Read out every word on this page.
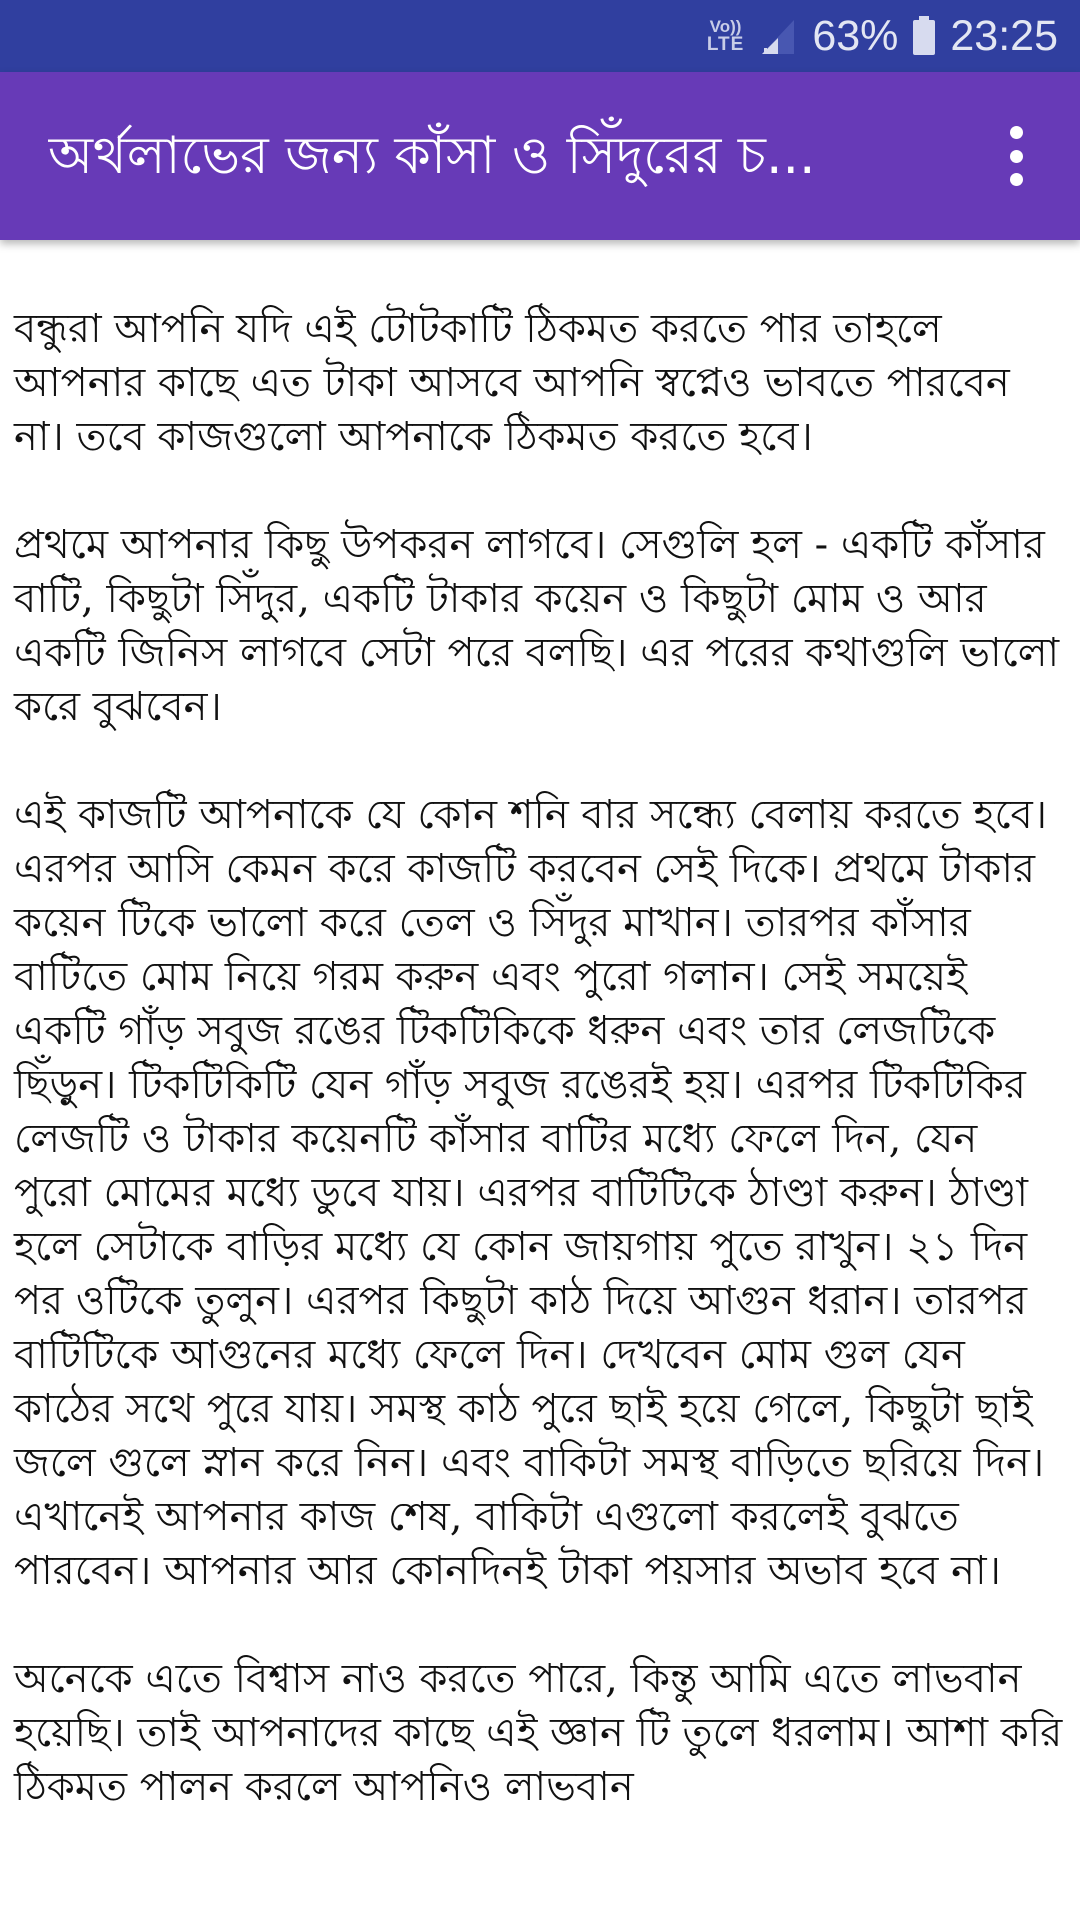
Vo))
LTE 63% 23:25
অর্থলাভের জন্য কাঁসা ও সিঁদুরের চ...

বন্ধুরা আপনি যদি এই টোটকাটি ঠিকমত করতে পার তাহলে আপনার কাছে এত টাকা আসবে আপনি স্বপ্নেও ভাবতে পারবেন না। তবে কাজগুলো আপনাকে ঠিকমত করতে হবে।

প্রথমে আপনার কিছু উপকরন লাগবে। সেগুলি হল - একটি কাঁসার বাটি, কিছুটা সিঁদুর, একটি টাকার কয়েন ও কিছুটা মোম ও আর একটি জিনিস লাগবে সেটা পরে বলছি। এর পরের কথাগুলি ভালো করে বুঝবেন।

এই কাজটি আপনাকে যে কোন শনি বার সন্ধ্যে বেলায় করতে হবে। এরপর আসি কেমন করে কাজটি করবেন সেই দিকে। প্রথমে টাকার কয়েন টিকে ভালো করে তেল ও সিঁদুর মাখান। তারপর কাঁসার বাটিতে মোম নিয়ে গরম করুন এবং পুরো গলান। সেই সময়েই একটি গাঁড় সবুজ রঙের টিকটিকিকে ধরুন এবং তার লেজটিকে ছিঁড়ুন। টিকটিকিটি যেন গাঁড় সবুজ রঙেরই হয়। এরপর টিকটিকির লেজটি ও টাকার কয়েনটি কাঁসার বাটির মধ্যে ফেলে দিন, যেন পুরো মোমের মধ্যে ডুবে যায়। এরপর বাটিটিকে ঠাণ্ডা করুন। ঠাণ্ডা হলে সেটাকে বাড়ির মধ্যে যে কোন জায়গায় পুতে রাখুন। ২১ দিন পর ওটিকে তুলুন। এরপর কিছুটা কাঠ দিয়ে আগুন ধরান। তারপর বাটিটিকে আগুনের মধ্যে ফেলে দিন। দেখবেন মোম গুল যেন কাঠের সথে পুরে যায়। সমস্থ কাঠ পুরে ছাই হয়ে গেলে, কিছুটা ছাই জলে গুলে স্নান করে নিন। এবং বাকিটা সমস্থ বাড়িতে ছরিয়ে দিন। এখানেই আপনার কাজ শেষ, বাকিটা এগুলো করলেই বুঝতে পারবেন। আপনার আর কোনদিনই টাকা পয়সার অভাব হবে না।

অনেকে এতে বিশ্বাস নাও করতে পারে, কিন্তু আমি এতে লাভবান হয়েছি। তাই আপনাদের কাছে এই জ্ঞান টি তুলে ধরলাম। আশা করি ঠিকমত পালন করলে আপনিও লাভবান
